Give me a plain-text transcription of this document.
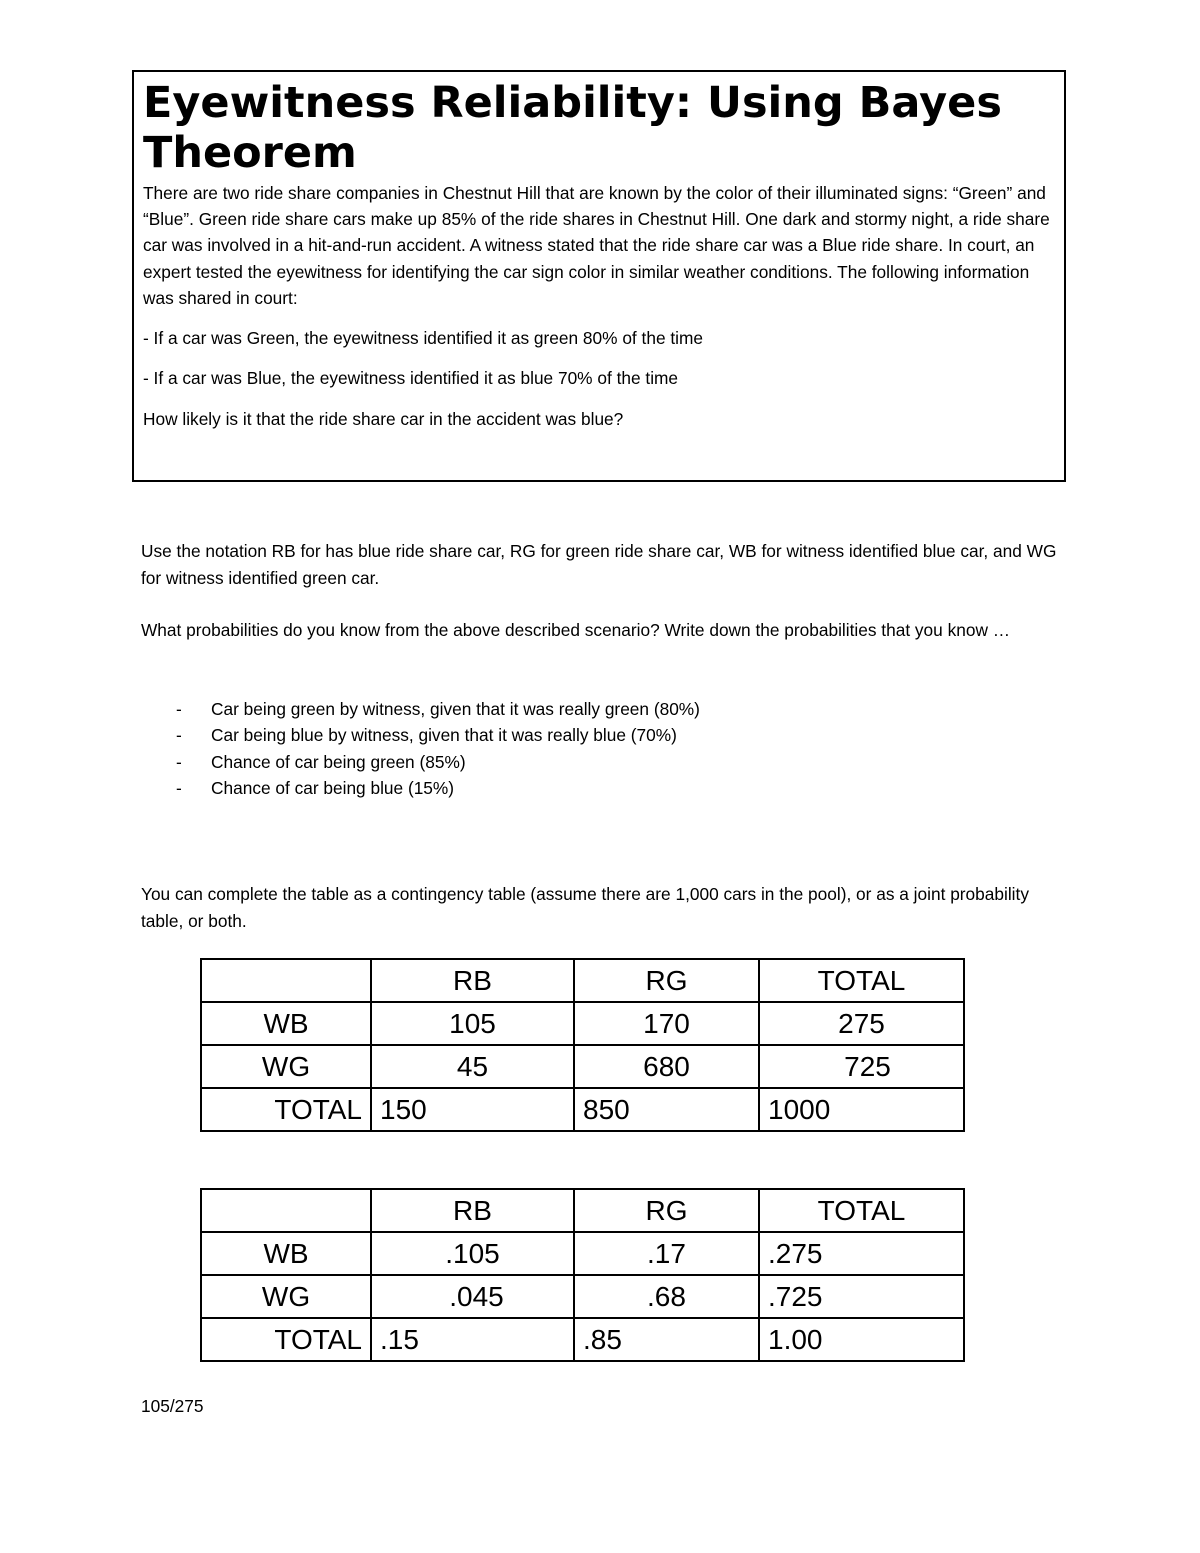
Eyewitness Reliability: Using Bayes Theorem

There are two ride share companies in Chestnut Hill that are known by the color of their illuminated signs: “Green” and “Blue”. Green ride share cars make up 85% of the ride shares in Chestnut Hill. One dark and stormy night, a ride share car was involved in a hit-and-run accident. A witness stated that the ride share car was a Blue ride share. In court, an expert tested the eyewitness for identifying the car sign color in similar weather conditions. The following information was shared in court:

- If a car was Green, the eyewitness identified it as green 80% of the time

- If a car was Blue, the eyewitness identified it as blue 70% of the time

How likely is it that the ride share car in the accident was blue?

Use the notation RB for has blue ride share car, RG for green ride share car, WB for witness identified blue car, and WG for witness identified green car.

What probabilities do you know from the above described scenario? Write down the probabilities that you know …

- Car being green by witness, given that it was really green (80%)
- Car being blue by witness, given that it was really blue (70%)
- Chance of car being green (85%)
- Chance of car being blue (15%)

You can complete the table as a contingency table (assume there are 1,000 cars in the pool), or as a joint probability table, or both.

	RB	RG	TOTAL
WB	105	170	275
WG	45	680	725
TOTAL	150	850	1000
	RB	RG	TOTAL
WB	.105	.17	.275
WG	.045	.68	.725
TOTAL	.15	.85	1.00

105/275
